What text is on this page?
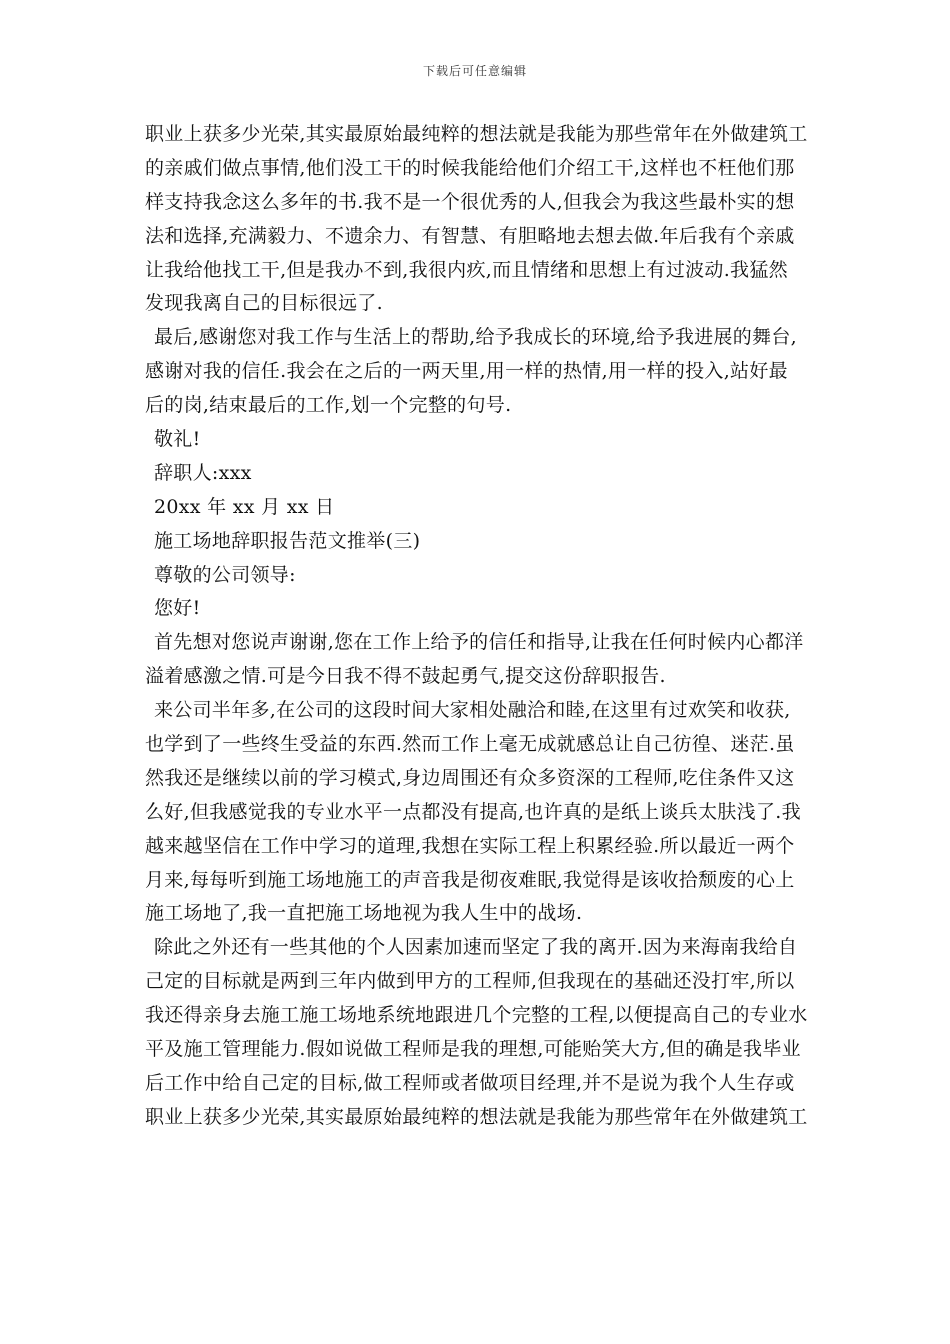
下载后可任意编辑
职业上获多少光荣,其实最原始最纯粹的想法就是我能为那些常年在外做建筑工
的亲戚们做点事情,他们没工干的时候我能给他们介绍工干,这样也不枉他们那
样支持我念这么多年的书.我不是一个很优秀的人,但我会为我这些最朴实的想
法和选择,充满毅力、不遗余力、有智慧、有胆略地去想去做.年后我有个亲戚
让我给他找工干,但是我办不到,我很内疚,而且情绪和思想上有过波动.我猛然
发现我离自己的目标很远了.
最后,感谢您对我工作与生活上的帮助,给予我成长的环境,给予我进展的舞台,
感谢对我的信任.我会在之后的一两天里,用一样的热情,用一样的投入,站好最
后的岗,结束最后的工作,划一个完整的句号.
敬礼!
辞职人:xxx
20xx 年 xx 月 xx 日
施工场地辞职报告范文推举(三)
尊敬的公司领导:
您好!
首先想对您说声谢谢,您在工作上给予的信任和指导,让我在任何时候内心都洋
溢着感激之情.可是今日我不得不鼓起勇气,提交这份辞职报告.
来公司半年多,在公司的这段时间大家相处融洽和睦,在这里有过欢笑和收获,
也学到了一些终生受益的东西.然而工作上毫无成就感总让自己彷徨、迷茫.虽
然我还是继续以前的学习模式,身边周围还有众多资深的工程师,吃住条件又这
么好,但我感觉我的专业水平一点都没有提高,也许真的是纸上谈兵太肤浅了.我
越来越坚信在工作中学习的道理,我想在实际工程上积累经验.所以最近一两个
月来,每每听到施工场地施工的声音我是彻夜难眠,我觉得是该收拾颓废的心上
施工场地了,我一直把施工场地视为我人生中的战场.
除此之外还有一些其他的个人因素加速而坚定了我的离开.因为来海南我给自
己定的目标就是两到三年内做到甲方的工程师,但我现在的基础还没打牢,所以
我还得亲身去施工施工场地系统地跟进几个完整的工程,以便提高自己的专业水
平及施工管理能力.假如说做工程师是我的理想,可能贻笑大方,但的确是我毕业
后工作中给自己定的目标,做工程师或者做项目经理,并不是说为我个人生存或
职业上获多少光荣,其实最原始最纯粹的想法就是我能为那些常年在外做建筑工
